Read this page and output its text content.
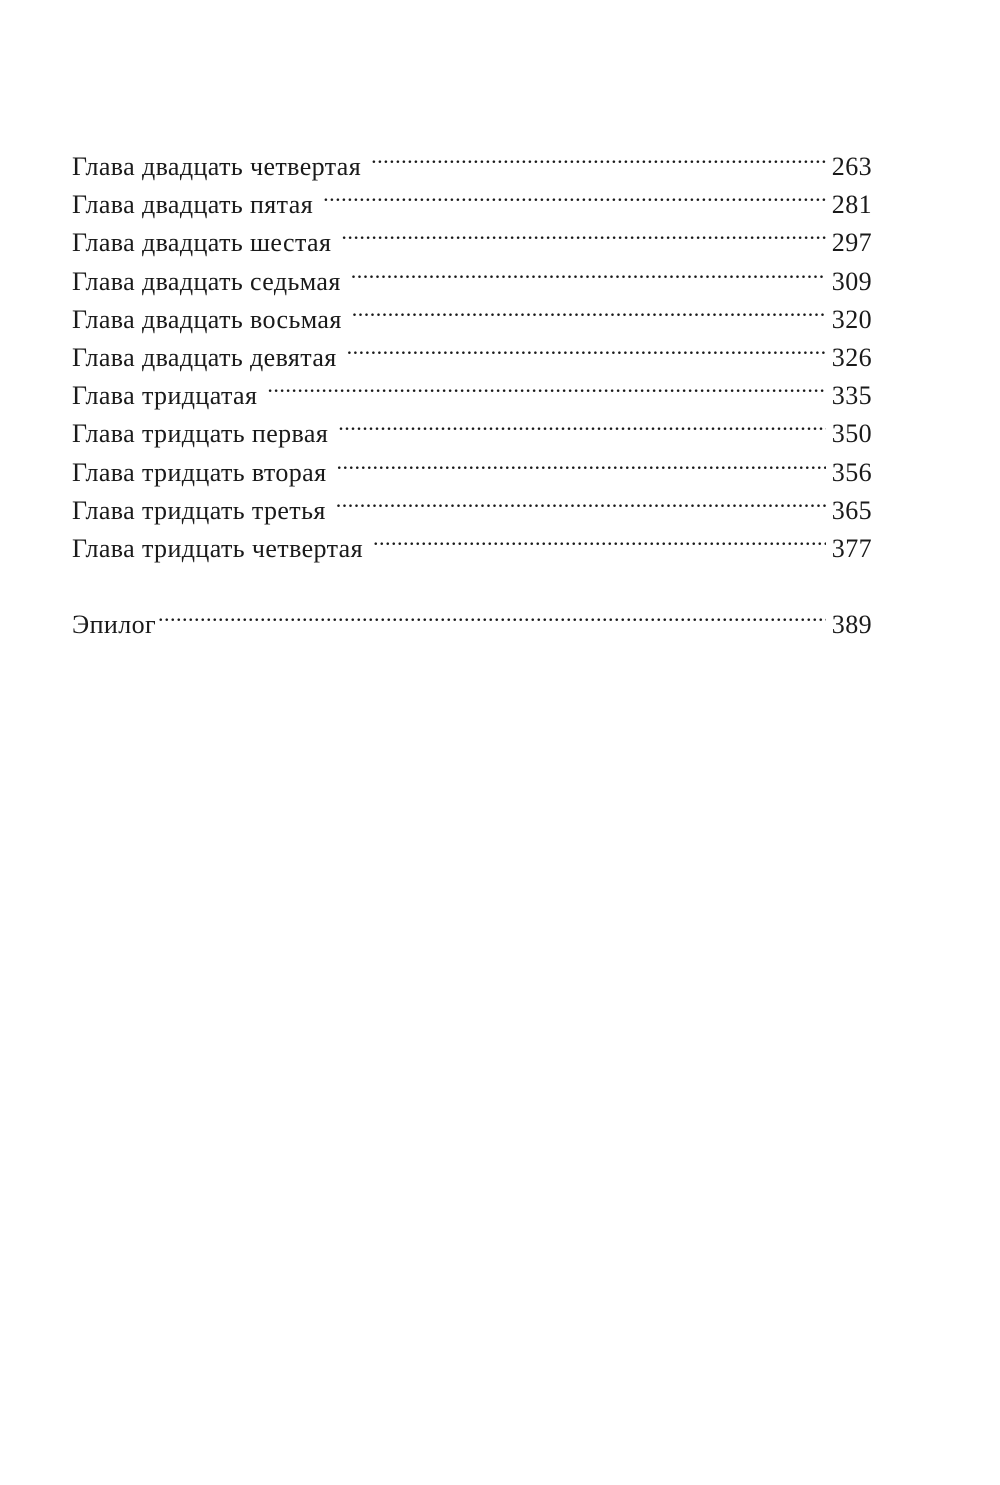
Глава двадцать четвертая .....	263
Глава двадцать пятая .....	281
Глава двадцать шестая .....	297
Глава двадцать седьмая .....	309
Глава двадцать восьмая .....	320
Глава двадцать девятая .....	326
Глава тридцатая .....	335
Глава тридцать первая .....	350
Глава тридцать вторая .....	356
Глава тридцать третья .....	365
Глава тридцать четвертая .....	377
Эпилог .....	389
